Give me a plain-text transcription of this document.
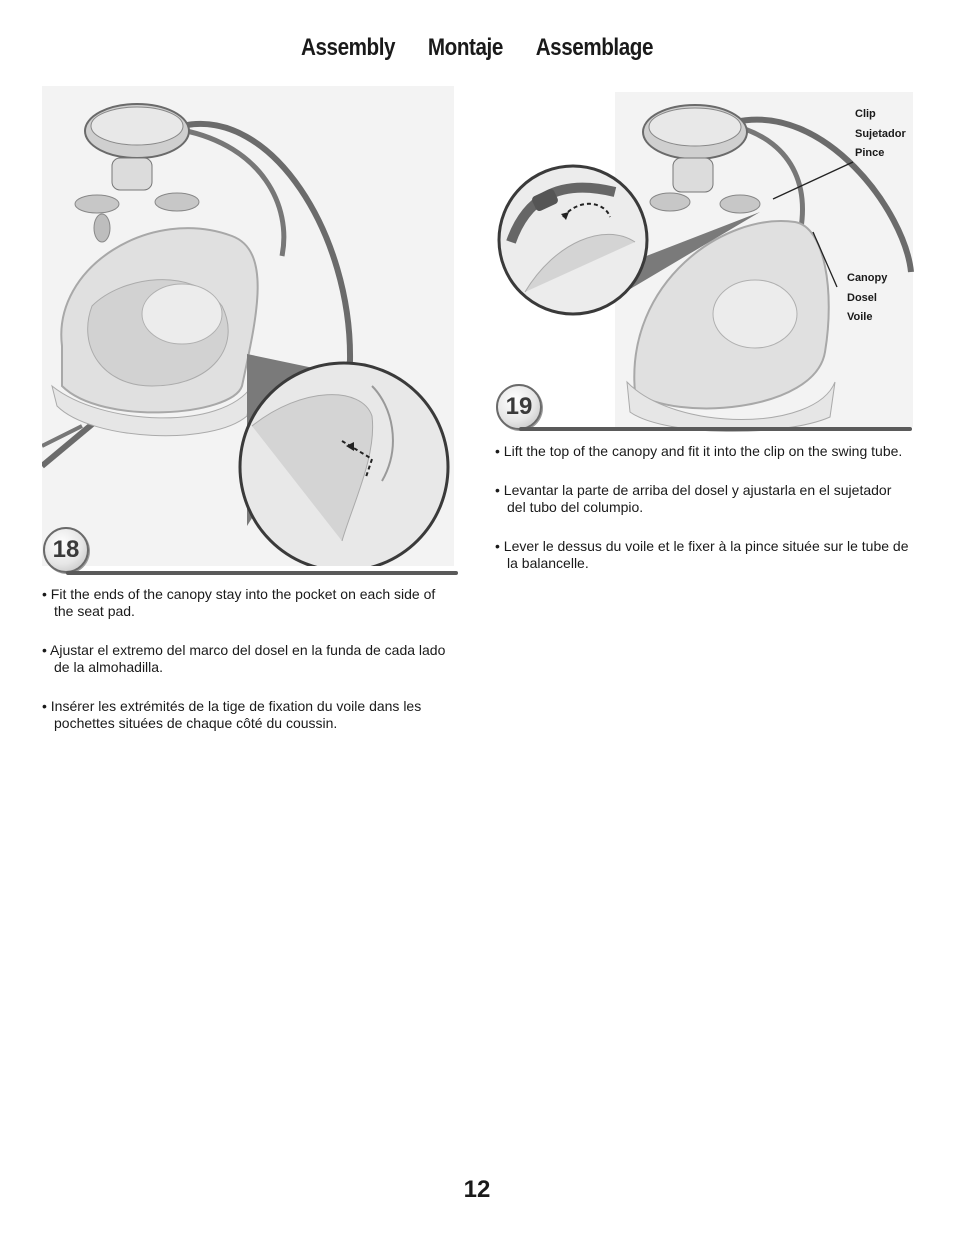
Assembly Montaje Assemblage
18

• Fit the ends of the canopy stay into the pocket on each side of the seat pad.

• Ajustar el extremo del marco del dosel en la funda de cada lado de la almohadilla.

• Insérer les extrémités de la tige de fixation du voile dans les pochettes situées de chaque côté du coussin.

Clip
Sujetador
Pince
Canopy
Dosel
Voile
19

• Lift the top of the canopy and fit it into the clip on the swing tube.

• Levantar la parte de arriba del dosel y ajustarla en el sujetador del tubo del columpio.

• Lever le dessus du voile et le fixer à la pince située sur le tube de la balancelle.

12
